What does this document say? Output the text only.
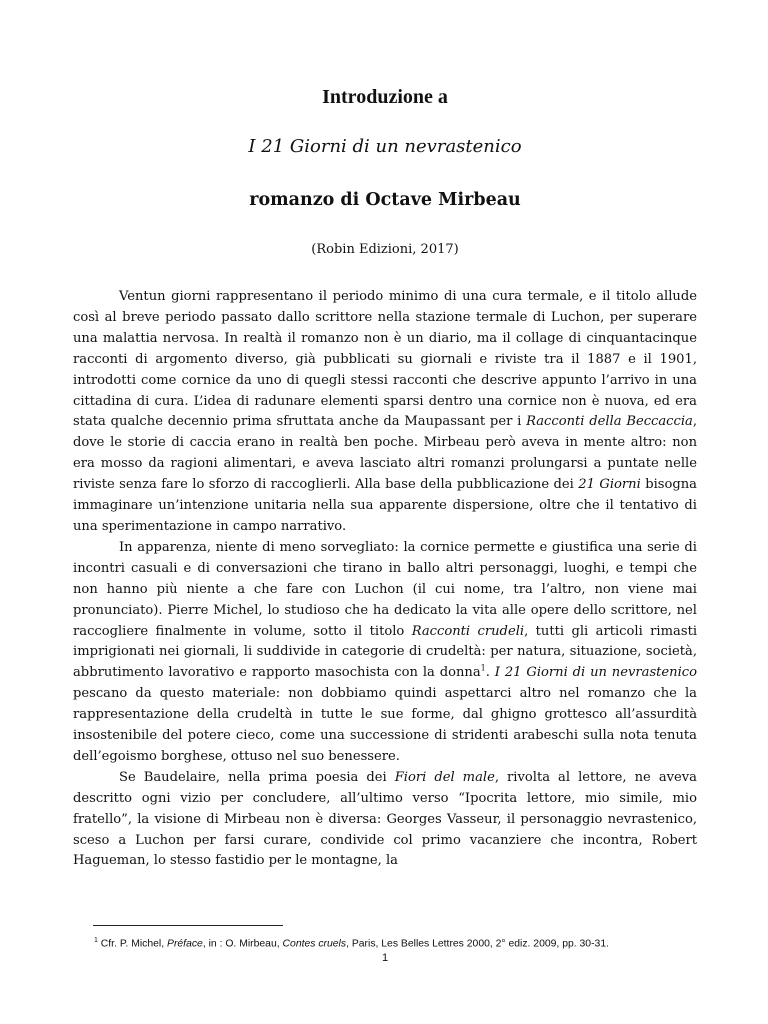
Introduzione a
I 21 Giorni di un nevrastenico
romanzo di Octave Mirbeau
(Robin Edizioni, 2017)

Ventun giorni rappresentano il periodo minimo di una cura termale, e il titolo allude così al breve periodo passato dallo scrittore nella stazione termale di Luchon, per superare una malattia nervosa. In realtà il romanzo non è un diario, ma il collage di cinquantacinque racconti di argomento diverso, già pubblicati su giornali e riviste tra il 1887 e il 1901, introdotti come cornice da uno di quegli stessi racconti che descrive appunto l’arrivo in una cittadina di cura. L’idea di radunare elementi sparsi dentro una cornice non è nuova, ed era stata qualche decennio prima sfruttata anche da Maupassant per i Racconti della Beccaccia, dove le storie di caccia erano in realtà ben poche. Mirbeau però aveva in mente altro: non era mosso da ragioni alimentari, e aveva lasciato altri romanzi prolungarsi a puntate nelle riviste senza fare lo sforzo di raccoglierli. Alla base della pubblicazione dei 21 Giorni bisogna immaginare un’intenzione unitaria nella sua apparente dispersione, oltre che il tentativo di una sperimentazione in campo narrativo.

In apparenza, niente di meno sorvegliato: la cornice permette e giustifica una serie di incontri casuali e di conversazioni che tirano in ballo altri personaggi, luoghi, e tempi che non hanno più niente a che fare con Luchon (il cui nome, tra l’altro, non viene mai pronunciato). Pierre Michel, lo studioso che ha dedicato la vita alle opere dello scrittore, nel raccogliere finalmente in volume, sotto il titolo Racconti crudeli, tutti gli articoli rimasti imprigionati nei giornali, li suddivide in categorie di crudeltà: per natura, situazione, società, abbrutimento lavorativo e rapporto masochista con la donna$^1$. I 21 Giorni di un nevrastenico pescano da questo materiale: non dobbiamo quindi aspettarci altro nel romanzo che la rappresentazione della crudeltà in tutte le sue forme, dal ghigno grottesco all’assurdità insostenibile del potere cieco, come una successione di stridenti arabeschi sulla nota tenuta dell’egoismo borghese, ottuso nel suo benessere.

Se Baudelaire, nella prima poesia dei Fiori del male, rivolta al lettore, ne aveva descritto ogni vizio per concludere, all’ultimo verso “Ipocrita lettore, mio simile, mio fratello”, la visione di Mirbeau non è diversa: Georges Vasseur, il personaggio nevrastenico, sceso a Luchon per farsi curare, condivide col primo vacanziere che incontra, Robert Hagueman, lo stesso fastidio per le montagne, la

$^1$ Cfr. P. Michel, Préface, in : O. Mirbeau, Contes cruels, Paris, Les Belles Lettres 2000, 2° ediz. 2009, pp. 30-31.
1
